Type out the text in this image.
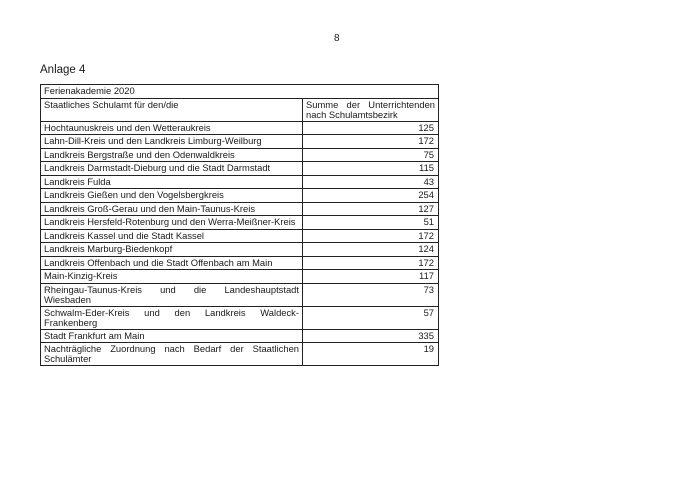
8
Anlage 4
Ferienakademie 2020	
Staatliches Schulamt für den/die	Summe der Unterrichtenden
nach Schulamtsbezirk

Hochtaunuskreis und den Wetteraukreis	125
Lahn-Dill-Kreis und den Landkreis Limburg-Weilburg	172
Landkreis Bergstraße und den Odenwaldkreis	75
Landkreis Darmstadt-Dieburg und die Stadt Darmstadt	115
Landkreis Fulda	43
Landkreis Gießen und den Vogelsbergkreis	254
Landkreis Groß-Gerau und den Main-Taunus-Kreis	127
Landkreis Hersfeld-Rotenburg und den Werra-Meißner-Kreis	51
Landkreis Kassel und die Stadt Kassel	172
Landkreis Marburg-Biedenkopf	124
Landkreis Offenbach und die Stadt Offenbach am Main	172
Main-Kinzig-Kreis	117

Rheingau-Taunus-Kreis und die Landeshauptstadt
Wiesbaden	73

Schwalm-Eder-Kreis und den Landkreis Waldeck-
Frankenberg	57
Stadt Frankfurt am Main	335

Nachträgliche Zuordnung nach Bedarf der Staatlichen
Schulämter	19
